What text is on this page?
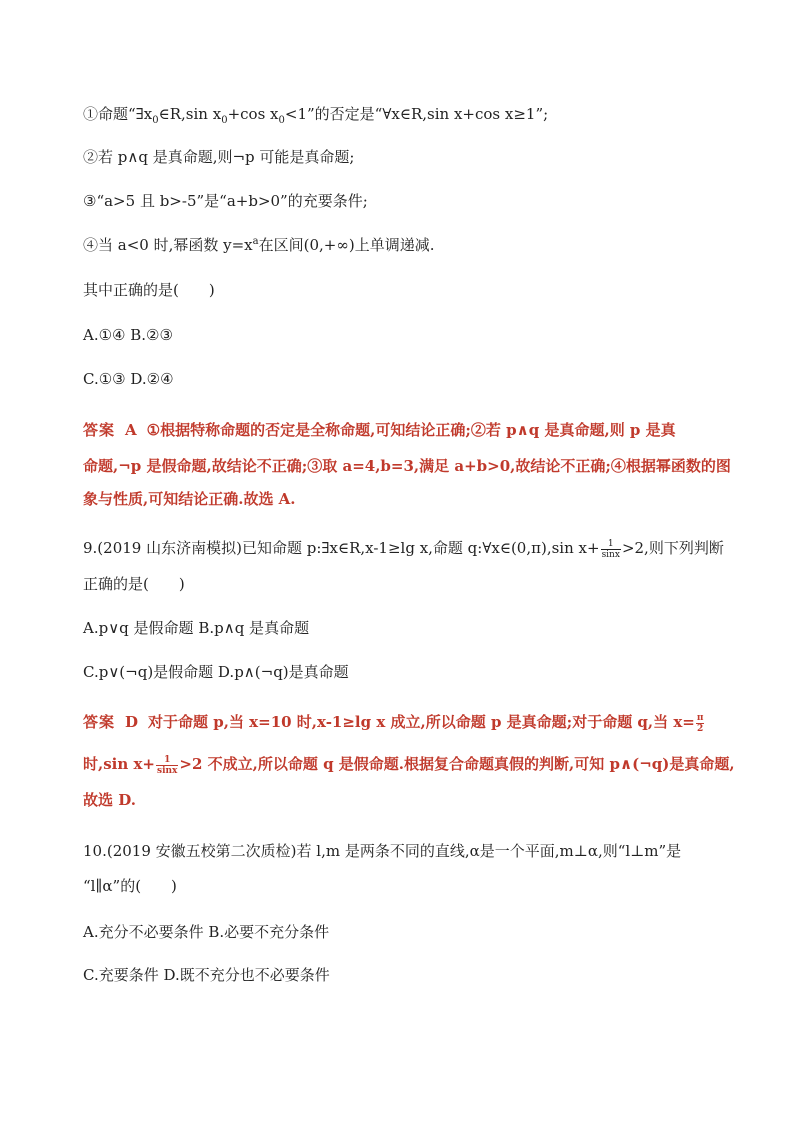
①命题“$\exists x_0\in R,\sin$ $x_0+\cos$ $x_0<1$”的否定是“∀x∈R,sin x+cos x≥1”;
②若 p∧q 是真命题,则¬p 可能是真命题;
③“a>5 且 b>-5”是“a+b>0”的充要条件;
④当 a<0 时,幂函数 $y=x^a$在区间(0,+∞)上单调递减.
其中正确的是(　　)
A.①④ B.②③
C.①③ D.②④
答案 A ①根据特称命题的否定是全称命题,可知结论正确;②若 p∧q 是真命题,则 p 是真
命题,¬p 是假命题,故结论不正确;③取 a=4,b=3,满足 a+b>0,故结论不正确;④根据幂函数的图
象与性质,可知结论正确.故选 A.
9.(2019 山东济南模拟)已知命题 p:∃x∈R,x-1≥lg x,命题 q:∀x∈(0,π),sin $x+ \frac{1}{\sin x} >2$,则下列判断
正确的是(　　)
A.p∨q 是假命题 B.p∧q 是真命题
C.p∨(¬q)是假命题 D.p∧(¬q)是真命题
答案 D 对于命题 p,当 x=10 时,x-1≥lg x 成立,所以命题 p 是真命题;对于命题 q,当 $x= \frac{\pi}{2}$
时,sin $x+ \frac{1}{\sin x} >2$ 不成立,所以命题 q 是假命题.根据复合命题真假的判断,可知 p∧(¬q)是真命题,
故选 D.
10.(2019 安徽五校第二次质检)若 l,m 是两条不同的直线,α是一个平面,m⊥α,则“l⊥m”是
“l∥α”的(　　)
A.充分不必要条件 B.必要不充分条件
C.充要条件 D.既不充分也不必要条件
